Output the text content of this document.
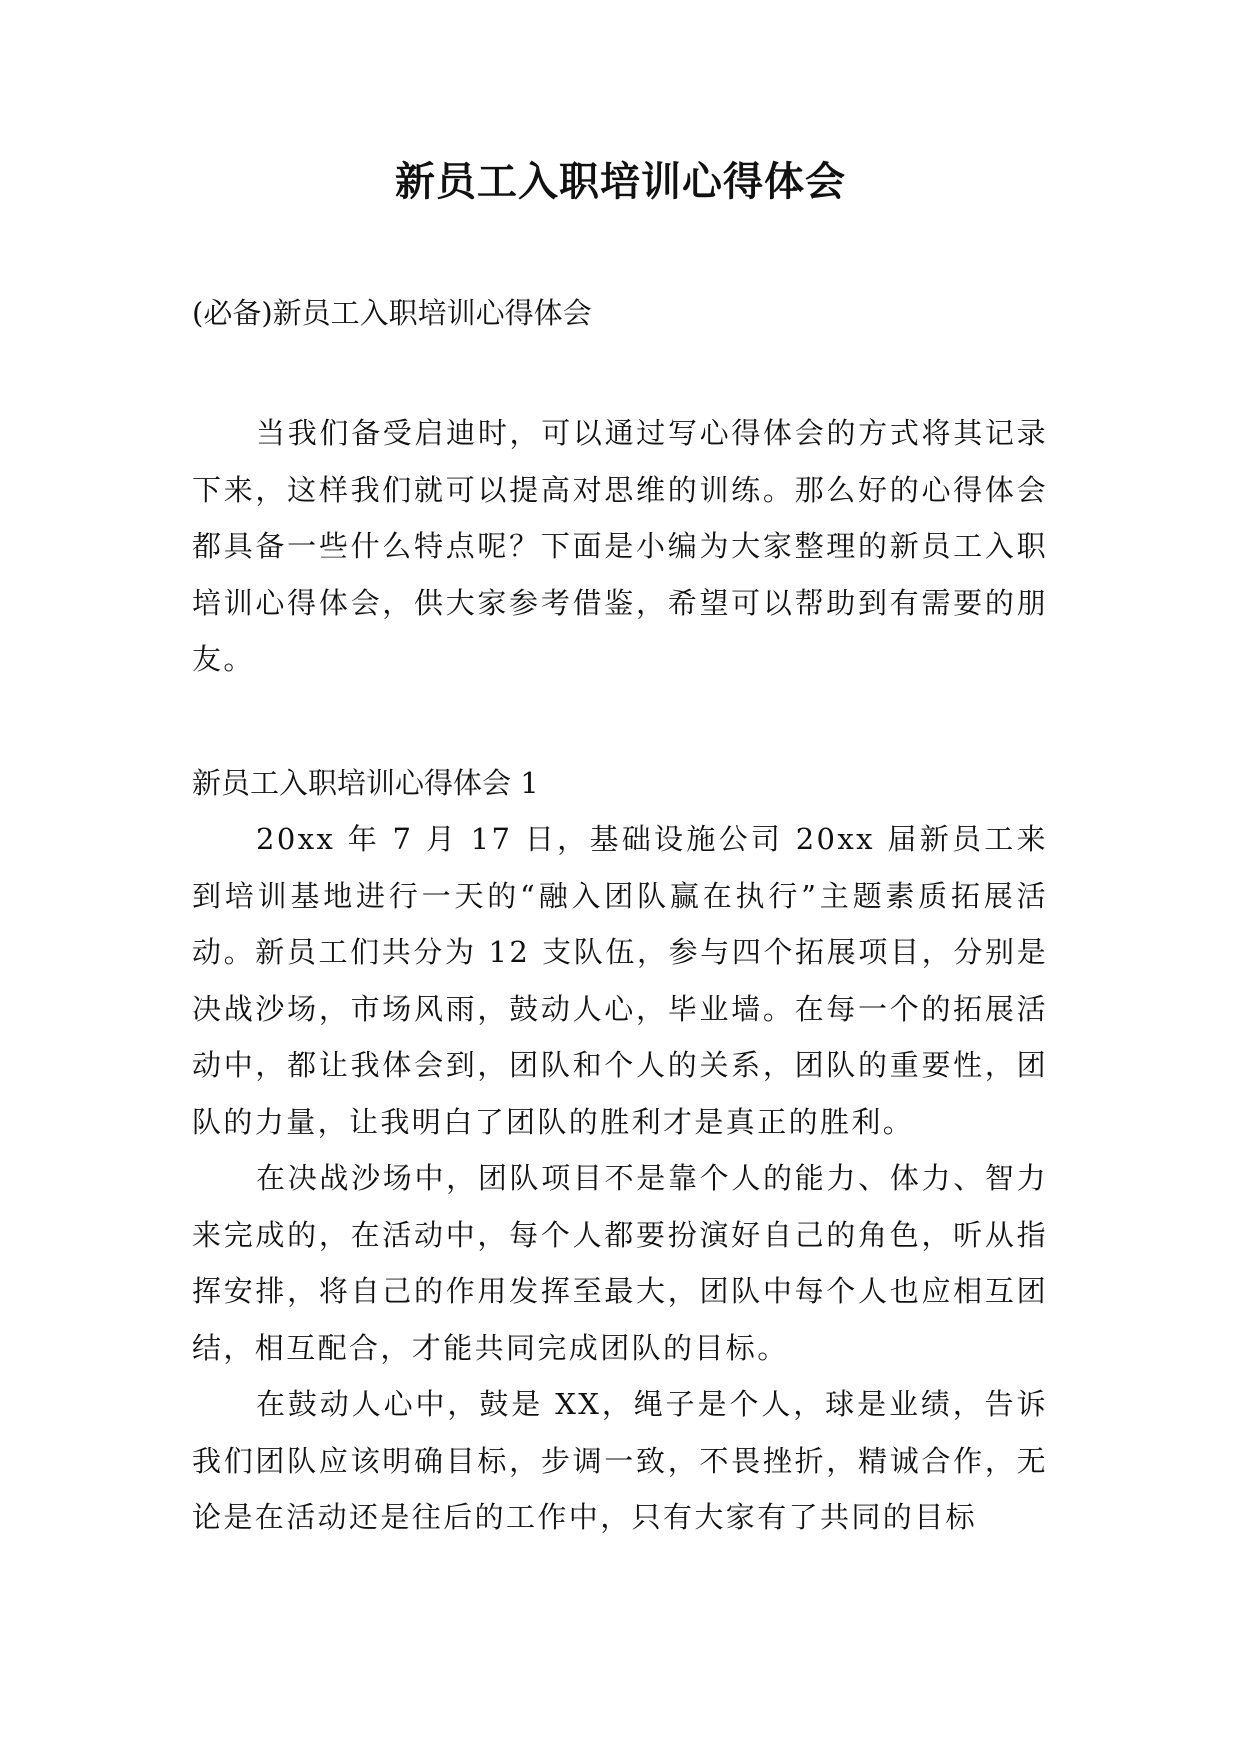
新员工入职培训心得体会

(必备)新员工入职培训心得体会

当我们备受启迪时，可以通过写心得体会的方式将其记录下来，这样我们就可以提高对思维的训练。那么好的心得体会都具备一些什么特点呢？下面是小编为大家整理的新员工入职培训心得体会，供大家参考借鉴，希望可以帮助到有需要的朋友。

新员工入职培训心得体会 1

20xx 年 7 月 17 日，基础设施公司 20xx 届新员工来到培训基地进行一天的“融入团队赢在执行”主题素质拓展活动。新员工们共分为 12 支队伍，参与四个拓展项目，分别是决战沙场，市场风雨，鼓动人心，毕业墙。在每一个的拓展活动中，都让我体会到，团队和个人的关系，团队的重要性，团队的力量，让我明白了团队的胜利才是真正的胜利。

在决战沙场中，团队项目不是靠个人的能力、体力、智力来完成的，在活动中，每个人都要扮演好自己的角色，听从指挥安排，将自己的作用发挥至最大，团队中每个人也应相互团结，相互配合，才能共同完成团队的目标。

在鼓动人心中，鼓是 XX，绳子是个人，球是业绩，告诉我们团队应该明确目标，步调一致，不畏挫折，精诚合作，无论是在活动还是往后的工作中，只有大家有了共同的目标
